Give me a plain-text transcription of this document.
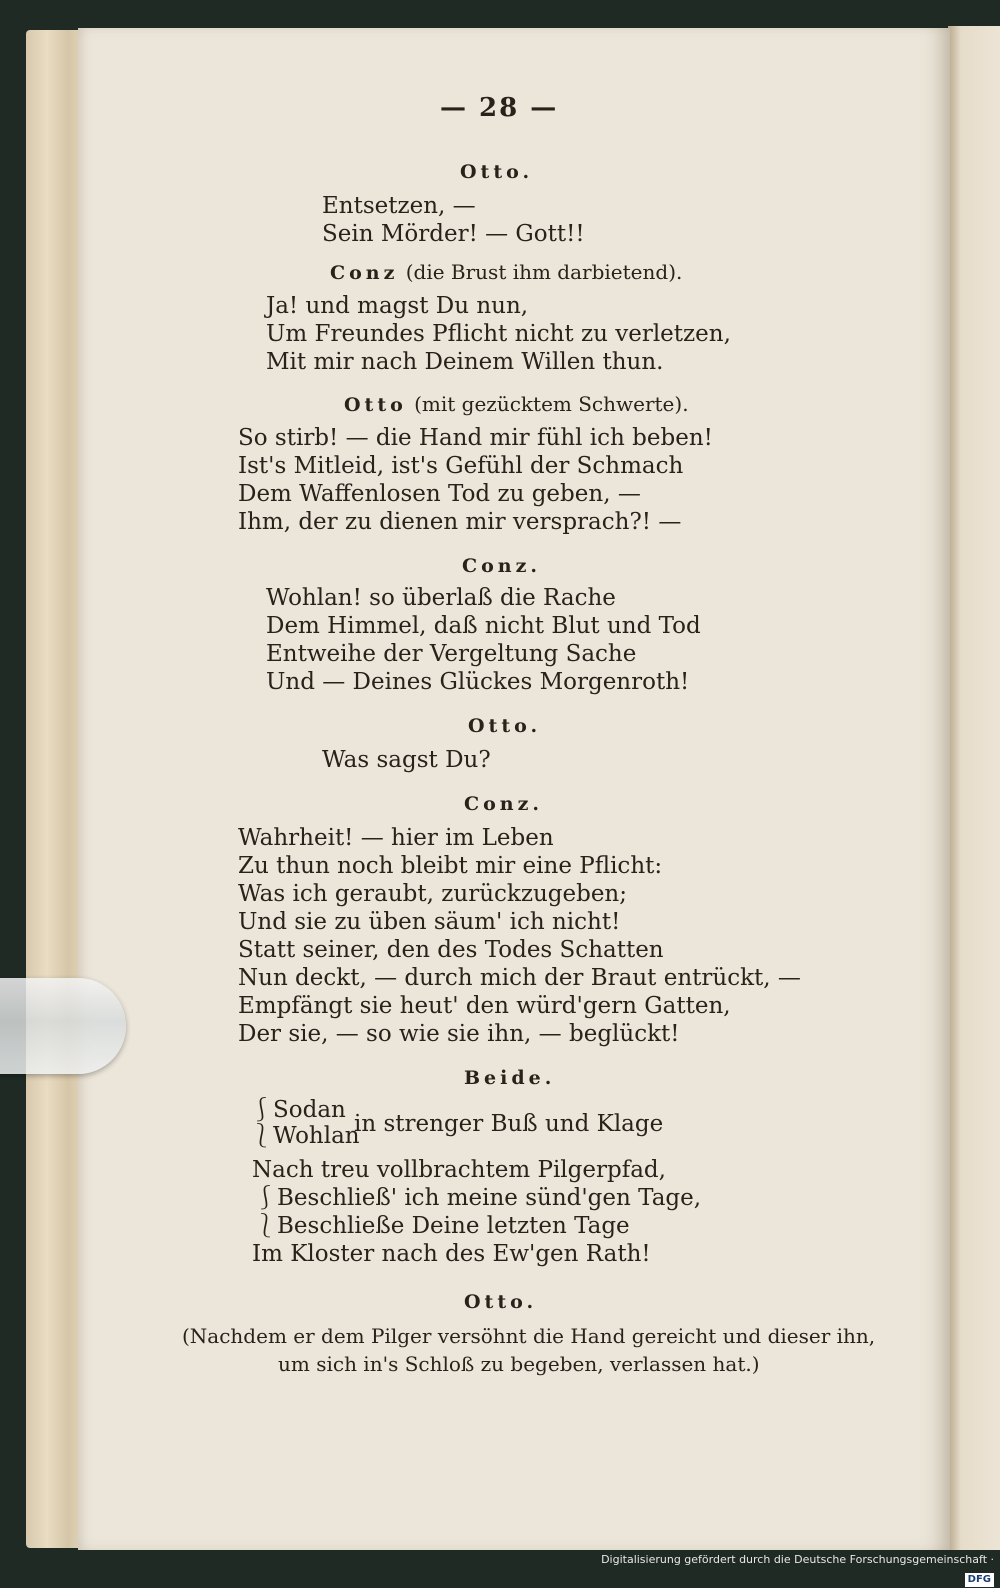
— 28 —
Otto.
Entsetzen, —
Sein Mörder! — Gott!!
Conz (die Brust ihm darbietend).
Ja! und magst Du nun,
Um Freundes Pflicht nicht zu verletzen,
Mit mir nach Deinem Willen thun.
Otto (mit gezücktem Schwerte).
So stirb! — die Hand mir fühl ich beben!
Ist's Mitleid, ist's Gefühl der Schmach
Dem Waffenlosen Tod zu geben, —
Ihm, der zu dienen mir versprach?! —
Conz.
Wohlan! so überlaß die Rache
Dem Himmel, daß nicht Blut und Tod
Entweihe der Vergeltung Sache
Und — Deines Glückes Morgenroth!
Otto.
Was sagst Du?
Conz.
Wahrheit! — hier im Leben
Zu thun noch bleibt mir eine Pflicht:
Was ich geraubt, zurückzugeben;
Und sie zu üben säum' ich nicht!
Statt seiner, den des Todes Schatten
Nun deckt, — durch mich der Braut entrückt, —
Empfängt sie heut' den würd'gern Gatten,
Der sie, — so wie sie ihn, — beglückt!
Beide.
⎰Sodan
⎱Wohlan
in strenger Buß und Klage
Nach treu vollbrachtem Pilgerpfad,
⎰Beschließ' ich meine sünd'gen Tage,
⎱Beschließe Deine letzten Tage
Im Kloster nach des Ew'gen Rath!
Otto.
(Nachdem er dem Pilger versöhnt die Hand gereicht und dieser ihn,
um sich in's Schloß zu begeben, verlassen hat.)
Digitalisierung gefördert durch die Deutsche Forschungsgemeinschaft ·DFG
